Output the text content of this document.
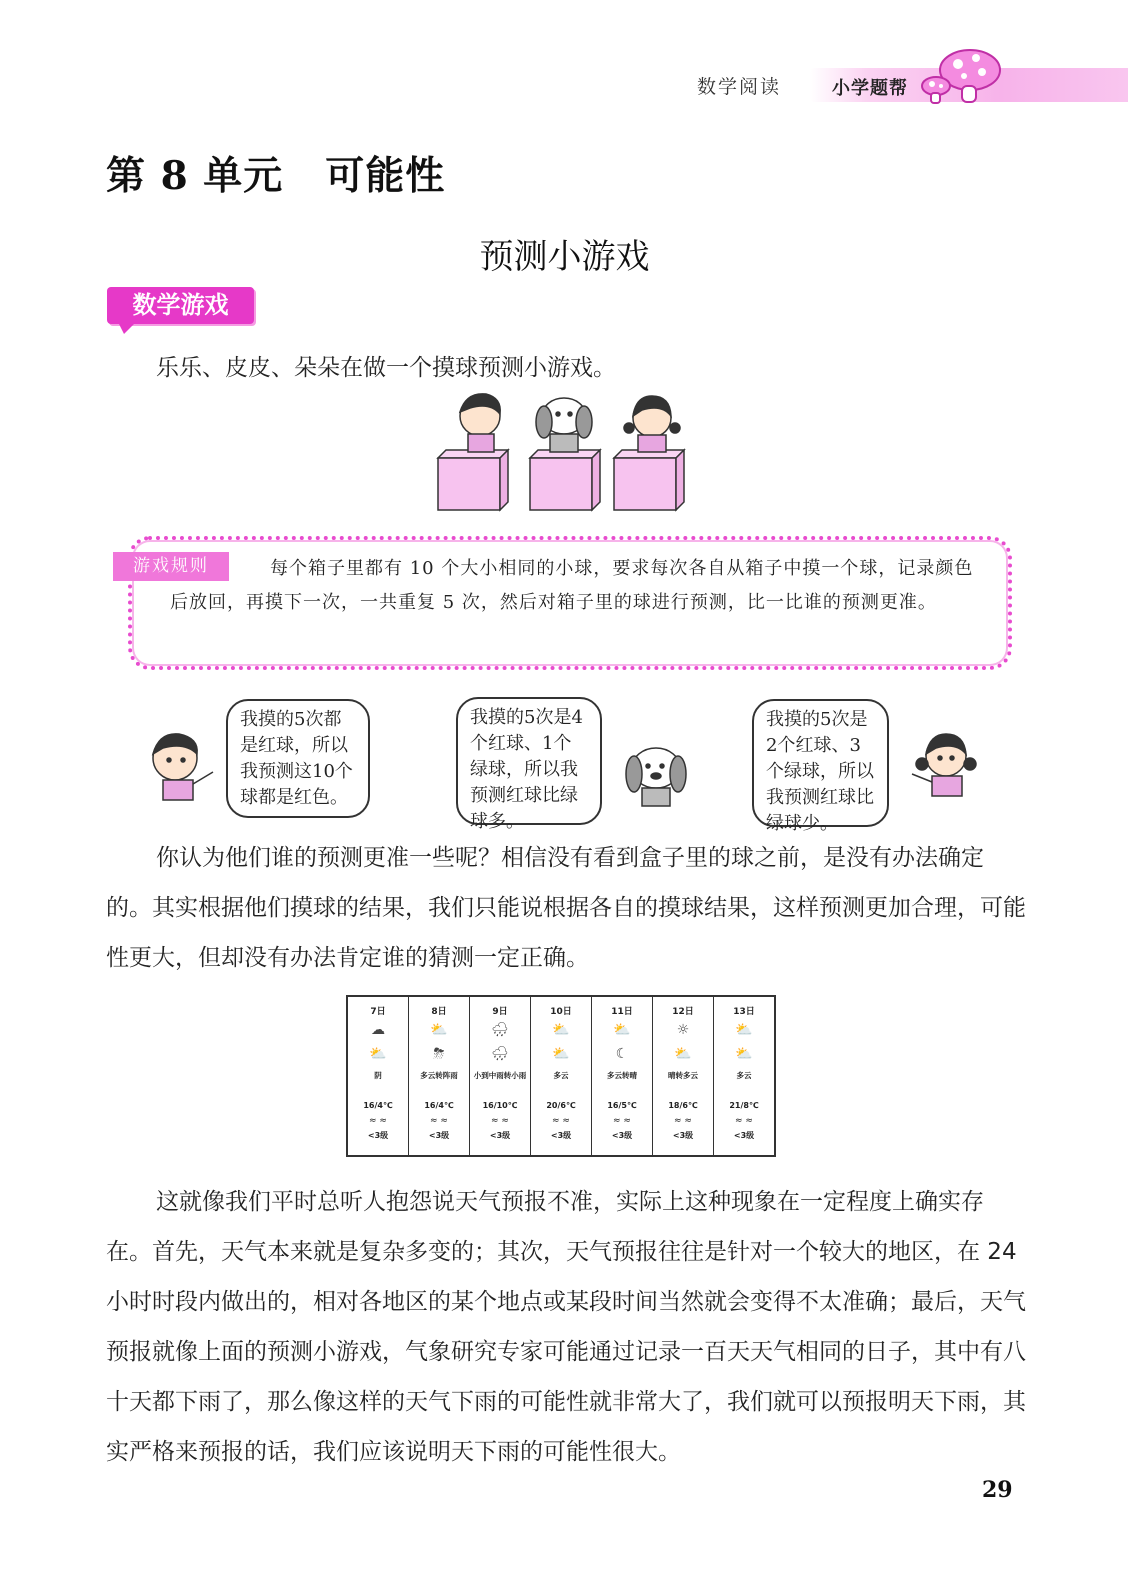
数学阅读	小学题帮
第 8 单元 可能性
预测小游戏
数学游戏
乐乐、皮皮、朵朵在做一个摸球预测小游戏。
游戏规则	每个箱子里都有 10 个大小相同的小球，要求每次各自从箱子中摸一个球，记录颜色后放回，再摸下一次，一共重复 5 次，然后对箱子里的球进行预测，比一比谁的预测更准。
我摸的5次都是红球，所以我预测这10个球都是红色。
我摸的5次是4个红球、1个绿球，所以我预测红球比绿球多。
我摸的5次是2个红球、3个绿球，所以我预测红球比绿球少。
你认为他们谁的预测更准一些呢？相信没有看到盒子里的球之前，是没有办法确定的。其实根据他们摸球的结果，我们只能说根据各自的摸球结果，这样预测更加合理，可能性更大，但却没有办法肯定谁的猜测一定正确。
7日
☁
⛅
阴
16/4℃
≈ ≈
<3级
8日
⛅
⛈
多云转阵雨
16/4℃
≈ ≈
<3级
9日
🌧
🌧
小到中雨转小雨
16/10℃
≈ ≈
<3级
10日
⛅
⛅
多云
20/6℃
≈ ≈
<3级
11日
⛅
☾
多云转晴
16/5℃
≈ ≈
<3级
12日
☼
⛅
晴转多云
18/6℃
≈ ≈
<3级
13日
⛅
⛅
多云
21/8℃
≈ ≈
<3级
这就像我们平时总听人抱怨说天气预报不准，实际上这种现象在一定程度上确实存在。首先，天气本来就是复杂多变的；其次，天气预报往往是针对一个较大的地区，在 24 小时时段内做出的，相对各地区的某个地点或某段时间当然就会变得不太准确；最后，天气预报就像上面的预测小游戏，气象研究专家可能通过记录一百天天气相同的日子，其中有八十天都下雨了，那么像这样的天气下雨的可能性就非常大了，我们就可以预报明天下雨，其实严格来预报的话，我们应该说明天下雨的可能性很大。
29
